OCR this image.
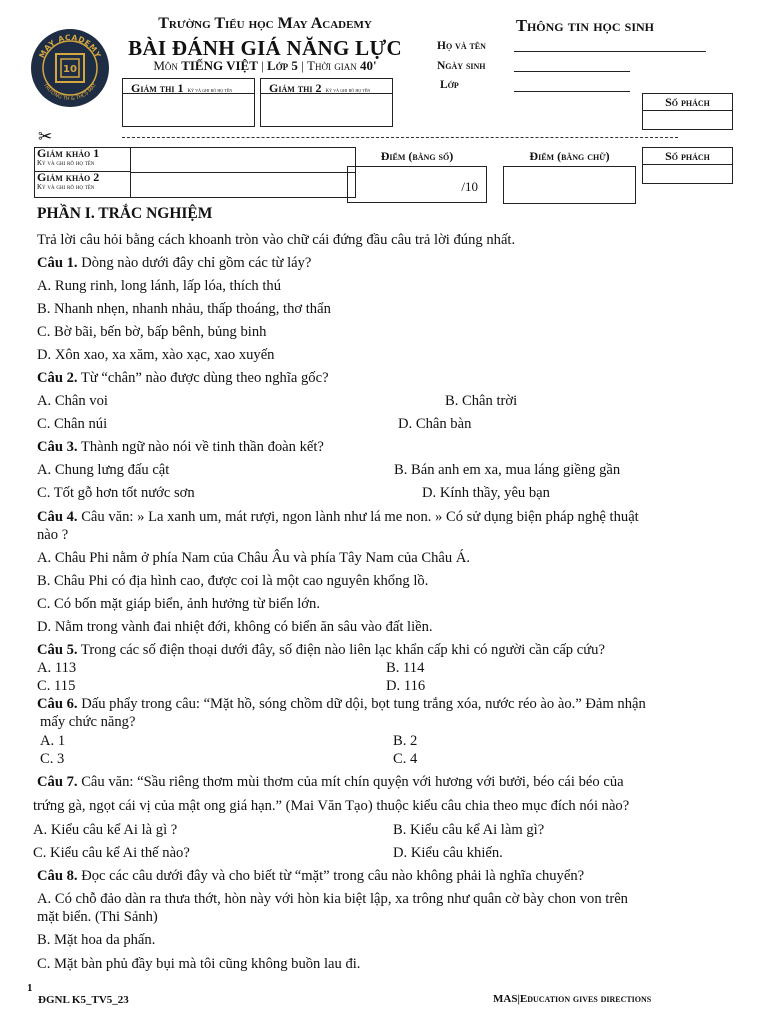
10
MAY ACADEMY
TRƯỜNG TH & THCS MAY
Trường Tiểu học May Academy
BÀI ĐÁNH GIÁ NĂNG LỰC
Môn TIẾNG VIỆT | Lớp 5 | Thời gian 40'
Giám thị 1 Ký và ghi rõ họ tên	Giám thị 2 Ký và ghi rõ họ tên
Thông tin học sinh
Họ và tên
Ngày sinh
Lớp
Số phách
✂
Giám khảo 1
Ký và ghi rõ họ tên
Giám khảo 2
Ký và ghi rõ họ tên
Điểm (bằng số)
/10
Điểm (bằng chữ)	Số phách
PHẦN I. TRẮC NGHIỆM
Trả lời câu hỏi bằng cách khoanh tròn vào chữ cái đứng đầu câu trả lời đúng nhất.
Câu 1. Dòng nào dưới đây chỉ gồm các từ láy?
A. Rung rinh, long lánh, lấp lóa, thích thú
B. Nhanh nhẹn, nhanh nhảu, thấp thoáng, thơ thẩn
C. Bờ bãi, bến bờ, bấp bênh, bủng binh
D. Xôn xao, xa xăm, xào xạc, xao xuyến
Câu 2. Từ “chân” nào được dùng theo nghĩa gốc?
A. Chân voi	B. Chân trời
C. Chân núi	D. Chân bàn
Câu 3. Thành ngữ nào nói về tinh thần đoàn kết?
A. Chung lưng đấu cật	B. Bán anh em xa, mua láng giềng gần
C. Tốt gỗ hơn tốt nước sơn	D. Kính thầy, yêu bạn
Câu 4. Câu văn: » La xanh um, mát rượi, ngon lành như lá me non. » Có sử dụng biện pháp nghệ thuật
nào ?
A. Châu Phi nằm ở phía Nam của Châu Âu và phía Tây Nam của Châu Á.
B. Châu Phi có địa hình cao, được coi là một cao nguyên khổng lồ.
C. Có bốn mặt giáp biển, ảnh hưởng từ biển lớn.
D. Nằm trong vành đai nhiệt đới, không có biển ăn sâu vào đất liền.
Câu 5. Trong các số điện thoại dưới đây, số điện nào liên lạc khẩn cấp khi có người cần cấp cứu?
A. 113	B. 114
C. 115	D. 116
Câu 6. Dấu phẩy trong câu: “Mặt hồ, sóng chồm dữ dội, bọt tung trắng xóa, nước réo ào ào.” Đảm nhận
mấy chức năng?
A. 1	B. 2
C. 3	C. 4
Câu 7. Câu văn: “Sầu riêng thơm mùi thơm của mít chín quyện với hương với bưởi, béo cái béo của
trứng gà, ngọt cái vị của mật ong giá hạn.” (Mai Văn Tạo) thuộc kiểu câu chia theo mục đích nói nào?
A. Kiểu câu kể Ai là gì ?	B. Kiểu câu kể Ai làm gì?
C. Kiểu câu kể Ai thế nào?	D. Kiểu câu khiến.
Câu 8. Đọc các câu dưới đây và cho biết từ “mặt” trong câu nào không phải là nghĩa chuyển?
A. Có chỗ đảo dàn ra thưa thớt, hòn này với hòn kia biệt lập, xa trông như quân cờ bày chon von trên
mặt biển. (Thi Sảnh)
B. Mặt hoa da phấn.
C. Mặt bàn phủ đầy bụi mà tôi cũng không buồn lau đi.
1
ĐGNL K5_TV5_23	MAS|Education gives directions
